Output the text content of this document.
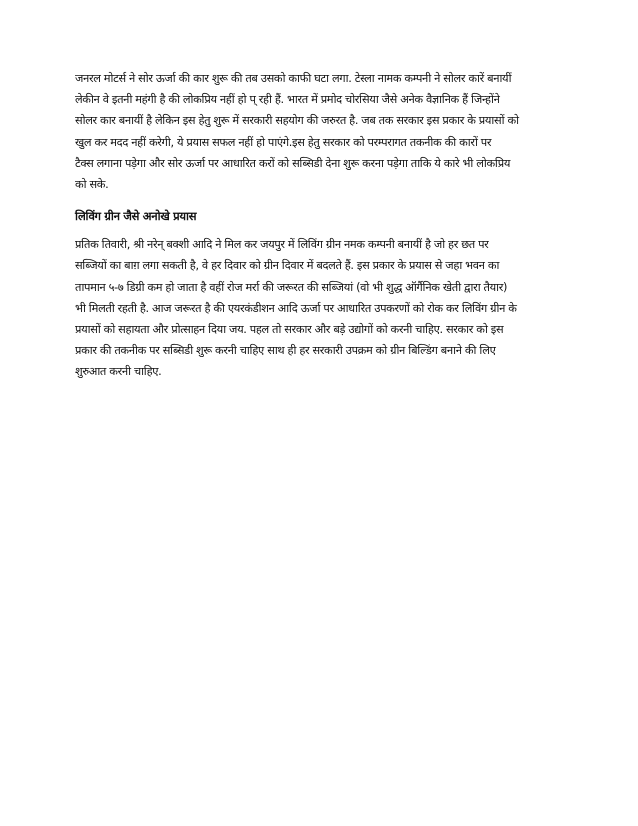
जनरल मोटर्स ने सोर ऊर्जा की कार शुरू की तब उसको काफी घटा लगा. टेस्ला नामक कम्पनी ने सोलर कारें बनायीं
लेकीन वे इतनी महंगी है की लोकप्रिय नहीं हो प् रही हैं. भारत में प्रमोद चोरसिया जैसे अनेक वैज्ञानिक हैं जिन्होंने
सोलर कार बनायीं है लेकिन इस हेतु शुरू में सरकारी सहयोग की जरुरत है. जब तक सरकार इस प्रकार के प्रयासों को
खुल कर मदद नहीं करेगी, ये प्रयास सफल नहीं हो पाएंगे.इस हेतु सरकार को परम्परागत तकनीक की कारों पर
टैक्स लगाना पड़ेगा और सोर ऊर्जा पर आधारित करों को सब्सिडी देना शुरू करना पड़ेगा ताकि ये कारे भी लोकप्रिय
को सके.

लिविंग ग्रीन जैसे अनोखे प्रयास

प्रतिक तिवारी, श्री नरेन् बक्शी आदि ने मिल कर जयपुर में लिविंग ग्रीन नमक कम्पनी बनायीं है जो हर छत पर
सब्जियों का बाग़ लगा सकती है, वे हर दिवार को ग्रीन दिवार में बदलते हैं. इस प्रकार के प्रयास से जहा भवन का
तापमान ५-७ डिग्री कम हो जाता है वहीं रोज मर्रा की जरूरत की सब्जियां (वो भी शुद्ध ऑर्गैनिक खेती द्वारा तैयार)
भी मिलती रहती है. आज जरूरत है की एयरकंडीशन आदि ऊर्जा पर आधारित उपकरणों को रोक कर लिविंग ग्रीन के
प्रयासों को सहायता और प्रोत्साहन दिया जय. पहल तो सरकार और बड़े उद्योगों को करनी चाहिए. सरकार को इस
प्रकार की तकनीक पर सब्सिडी शुरू करनी चाहिए साथ ही हर सरकारी उपक्रम को ग्रीन बिल्डिंग बनाने की लिए
शुरुआत करनी चाहिए.
